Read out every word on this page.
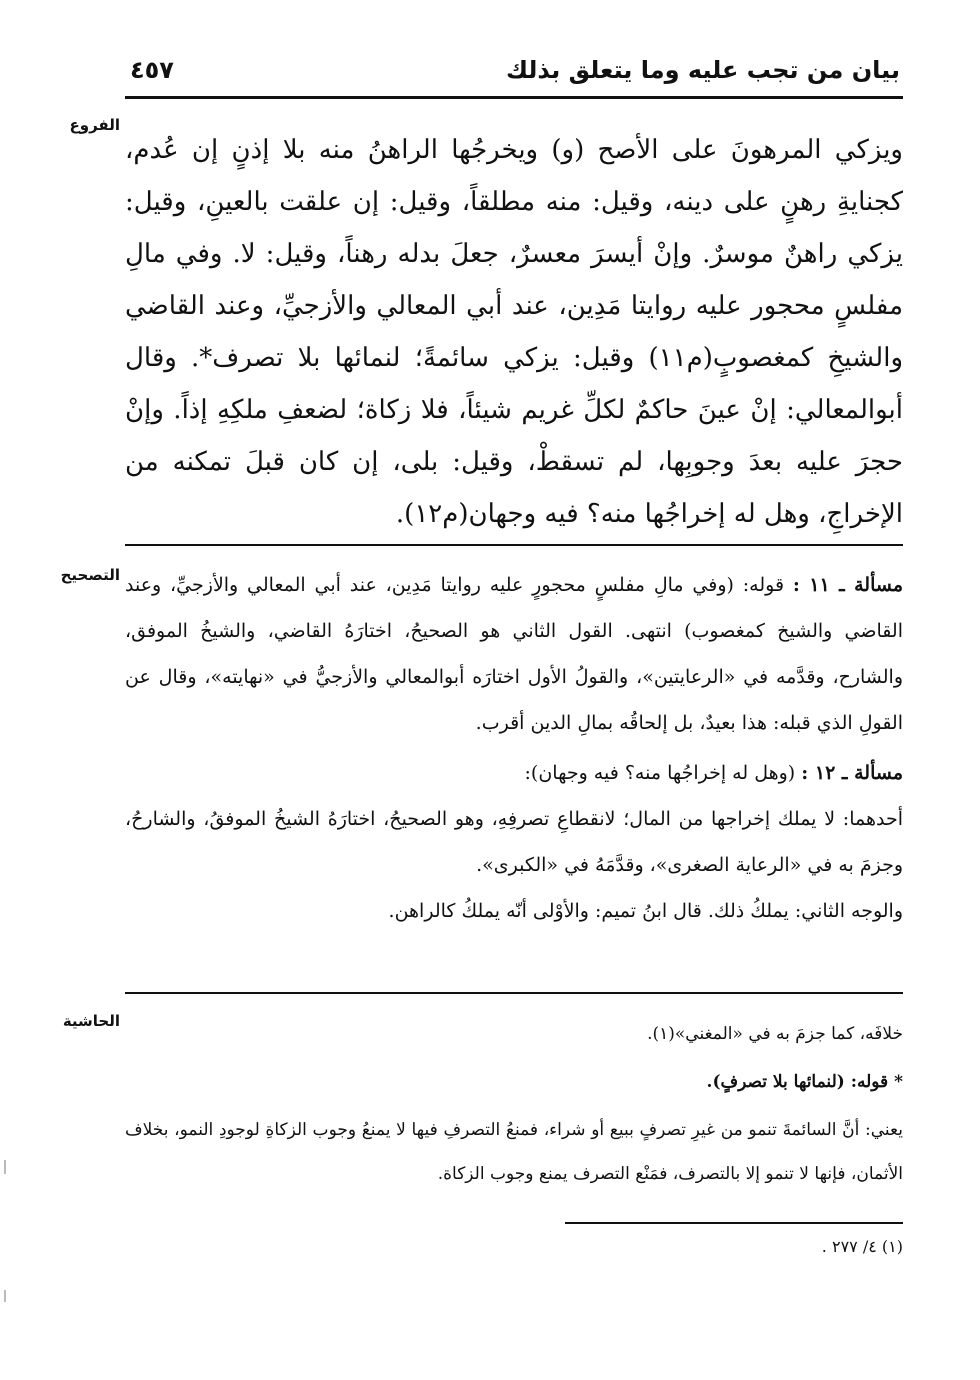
بيان من تجب عليه وما يتعلق بذلك
٤٥٧
الفروع

ويزكي المرهونَ على الأصح (و) ويخرجُها الراهنُ منه بلا إذنٍ إن عُدم، كجنايةِ رهنٍ على دينه، وقيل: منه مطلقاً، وقيل: إن علقت بالعينِ، وقيل: يزكي راهنٌ موسرٌ. وإنْ أيسرَ معسرٌ، جعلَ بدله رهناً، وقيل: لا. وفي مالِ مفلسٍ محجور عليه روايتا مَدِين، عند أبي المعالي والأزجيِّ، وعند القاضي والشيخِ كمغصوبٍ(م١١) وقيل: يزكي سائمةً؛ لنمائها بلا تصرف*. وقال أبوالمعالي: إنْ عينَ حاكمٌ لكلِّ غريم شيئاً، فلا زكاة؛ لضعفِ ملكِهِ إذاً. وإنْ حجرَ عليه بعدَ وجوبِها، لم تسقطْ، وقيل: بلى، إن كان قبلَ تمكنه من الإخراجِ، وهل له إخراجُها منه؟ فيه وجهان(م١٢).

التصحيح	مسألة ـ ١١ : قوله: (وفي مالِ مفلسٍ محجورٍ عليه روايتا مَدِين، عند أبي المعالي والأزجيِّ، وعند القاضي والشيخ كمغصوب) انتهى. القول الثاني هو الصحيحُ، اختارَهُ القاضي، والشيخُ الموفق، والشارح، وقدَّمه في «الرعايتين»، والقولُ الأول اختارَه أبوالمعالي والأزجيُّ في «نهايته»، وقال عن القولِ الذي قبله: هذا بعيدٌ، بل إلحاقُه بمالِ الدين أقرب.

مسألة ـ ١٢ : (وهل له إخراجُها منه؟ فيه وجهان):

أحدهما: لا يملك إخراجها من المال؛ لانقطاعِ تصرفِهِ، وهو الصحيحُ، اختارَهُ الشيخُ الموفقُ، والشارحُ، وجزمَ به في «الرعاية الصغرى»، وقدَّمَهُ في «الكبرى».

والوجه الثاني: يملكُ ذلك. قال ابنُ تميم: والأوْلى أنّه يملكُ كالراهن.

الحاشية

خلافَه، كما جزمَ به في «المغني»(١).

* قوله: (لنمائها بلا تصرفٍ).

يعني: أنَّ السائمةَ تنمو من غيرِ تصرفٍ ببيع أو شراء، فمنعُ التصرفِ فيها لا يمنعُ وجوب الزكاةِ لوجودِ النمو، بخلاف الأثمان، فإنها لا تنمو إلا بالتصرف، فمَنْع التصرف يمنع وجوب الزكاة.

(١) ٤/ ٢٧٧ .
